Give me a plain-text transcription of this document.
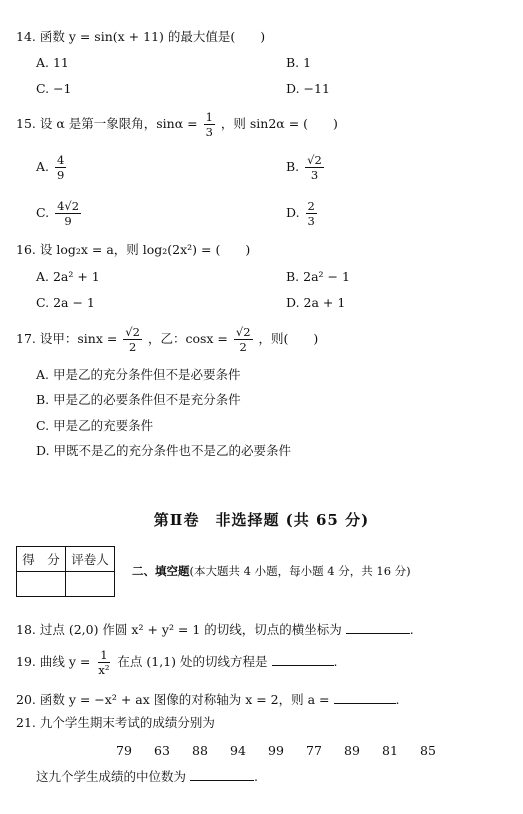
14. 函数 y = sin(x + 11) 的最大值是(　　)
A. 11	B. 1
C. −1	D. −11
15. 设 α 是第一象限角，$\sin\alpha = \frac{1}{3}$ ，则 sin2α = (　　)
A. $\frac{4}{9}$	B. $\frac{√2}{3}$
C. $\frac{4√2}{9}$	D. $\frac{2}{3}$
16. 设 log₂x = a，则 log₂(2x²) = (　　)
A. 2a² + 1	B. 2a² − 1
C. 2a − 1	D. 2a + 1
17. 设甲：$\sin x = \frac{√2}{2}$ ，乙：$\cos x = \frac{√2}{2}$ ，则(　　)
A. 甲是乙的充分条件但不是必要条件
B. 甲是乙的必要条件但不是充分条件
C. 甲是乙的充要条件
D. 甲既不是乙的充分条件也不是乙的必要条件
第Ⅱ卷　非选择题 (共 65 分)
得　分	评卷人

二、填空题(本大题共 4 小题，每小题 4 分，共 16 分)
18. 过点 (2,0) 作圆 x² + y² = 1 的切线，切点的横坐标为	.
19. 曲线 $y = \frac{1}{\text{x²}}$ 在点 (1,1) 处的切线方程是	.
20. 函数 y = −x² + ax 图像的对称轴为 x = 2，则 a =	.
21. 九个学生期末考试的成绩分别为
79 63 88 94 99 77 89 81 85
这九个学生成绩的中位数为	.
